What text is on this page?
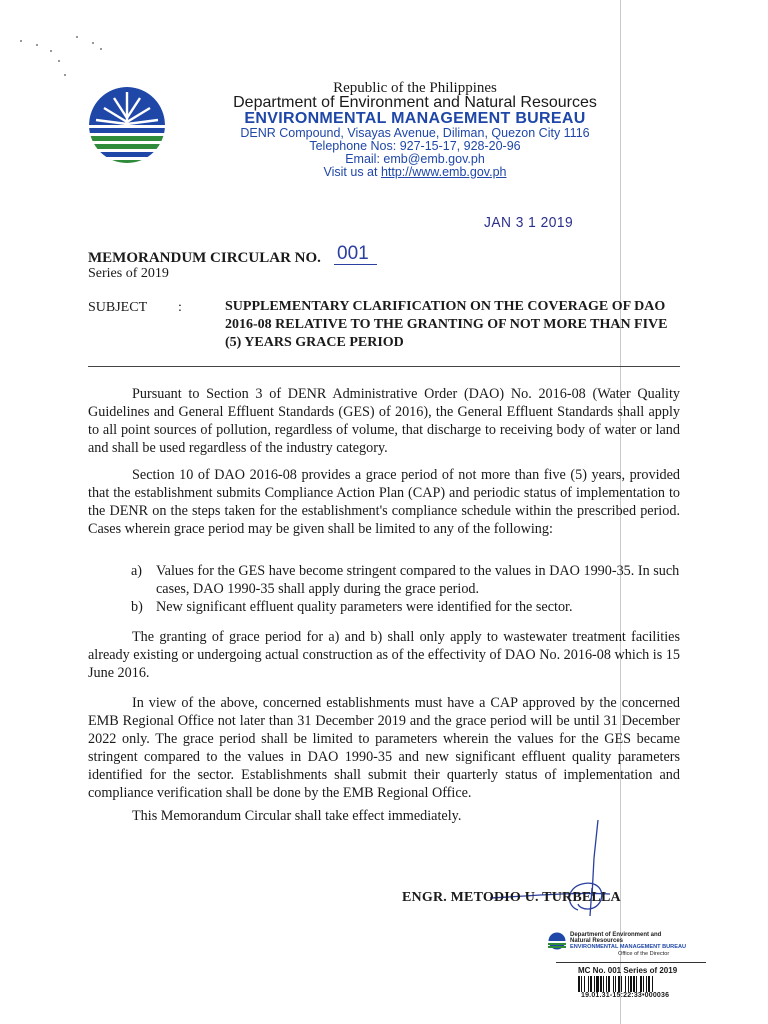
Republic of the Philippines
Department of Environment and Natural Resources
ENVIRONMENTAL MANAGEMENT BUREAU
DENR Compound, Visayas Avenue, Diliman, Quezon City 1116
Telephone Nos: 927-15-17, 928-20-96
Email: emb@emb.gov.ph
Visit us at http://www.emb.gov.ph
JAN 3 1 2019
MEMORANDUM CIRCULAR NO. 001
Series of 2019
SUBJECT :	SUPPLEMENTARY CLARIFICATION ON THE COVERAGE OF DAO 2016-08 RELATIVE TO THE GRANTING OF NOT MORE THAN FIVE (5) YEARS GRACE PERIOD
Pursuant to Section 3 of DENR Administrative Order (DAO) No. 2016-08 (Water Quality Guidelines and General Effluent Standards (GES) of 2016), the General Effluent Standards shall apply to all point sources of pollution, regardless of volume, that discharge to receiving body of water or land and shall be used regardless of the industry category.
Section 10 of DAO 2016-08 provides a grace period of not more than five (5) years, provided that the establishment submits Compliance Action Plan (CAP) and periodic status of implementation to the DENR on the steps taken for the establishment's compliance schedule within the prescribed period. Cases wherein grace period may be given shall be limited to any of the following:
a) Values for the GES have become stringent compared to the values in DAO 1990-35. In such cases, DAO 1990-35 shall apply during the grace period.
b) New significant effluent quality parameters were identified for the sector.
The granting of grace period for a) and b) shall only apply to wastewater treatment facilities already existing or undergoing actual construction as of the effectivity of DAO No. 2016-08 which is 15 June 2016.
In view of the above, concerned establishments must have a CAP approved by the concerned EMB Regional Office not later than 31 December 2019 and the grace period will be until 31 December 2022 only. The grace period shall be limited to parameters wherein the values for the GES became stringent compared to the values in DAO 1990-35 and new significant effluent quality parameters identified for the sector. Establishments shall submit their quarterly status of implementation and compliance verification shall be done by the EMB Regional Office.
This Memorandum Circular shall take effect immediately.
ENGR. METODIO U. TURBELLA
Department of Environment and
Natural Resources
ENVIRONMENTAL MANAGEMENT BUREAU
Office of the Director
MC No. 001 Series of 2019
19.01.31‑15:22:33•000036
